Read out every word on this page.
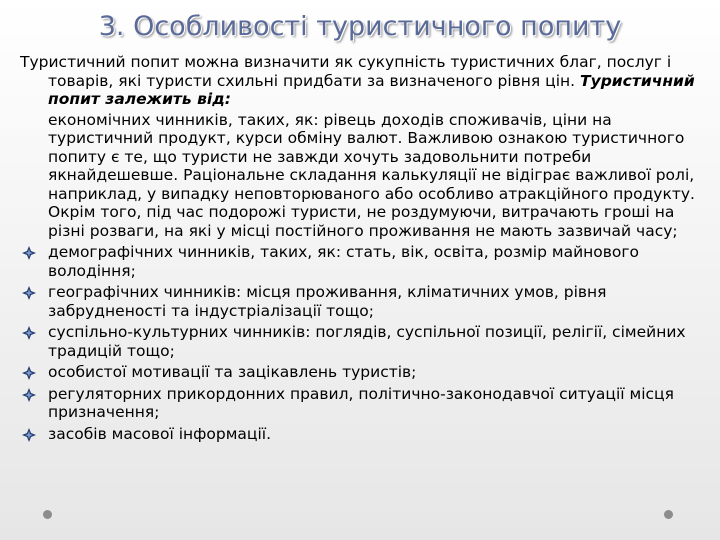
3. Особливості туристичного попиту
Туристичний попит можна визначити як сукупність туристичних благ, послуг і товарів, які туристи схильні придбати за визначеного рівня цін. Туристичний попит залежить від:
економічних чинників, таких, як: рівець доходів споживачів, ціни на туристичний продукт, курси обміну валют. Важливою ознакою туристичного попиту є те, що туристи не завжди хочуть задовольнити потреби якнайдешевше. Раціональне складання калькуляції не відіграє важливої ролі, наприклад, у випадку неповторюваного або особливо атракційного продукту. Окрім того, під час подорожі туристи, не роздумуючи, витрачають гроші на різні розваги, на які у місці постійного проживання не мають зазвичай часу;
демографічних чинників, таких, як: стать, вік, освіта, розмір майнового володіння;
географічних чинників: місця проживання, кліматичних умов, рівня забрудненості та індустріалізації тощо;
суспільно-культурних чинників: поглядів, суспільної позиції, релігії, сімейних традицій тощо;
особистої мотивації та зацікавлень туристів;
регуляторних прикордонних правил, політично-законодавчої ситуації місця призначення;
засобів масової інформації.
